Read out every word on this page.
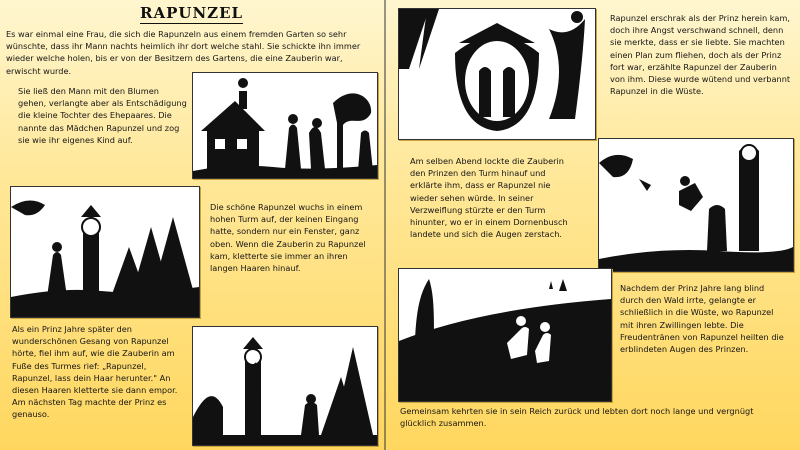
RAPUNZEL
Es war einmal eine Frau, die sich die Rapunzeln aus einem fremden Garten so sehr wünschte, dass ihr Mann nachts heimlich ihr dort welche stahl. Sie schickte ihn immer wieder welche holen, bis er von der Besitzern des Gartens, die eine Zauberin war, erwischt wurde.
Sie ließ den Mann mit den Blumen gehen, verlangte aber als Entschädigung die kleine Tochter des Ehepaares. Die nannte das Mädchen Rapunzel und zog sie wie ihr eigenes Kind auf.
Die schöne Rapunzel wuchs in einem hohen Turm auf, der keinen Eingang hatte, sondern nur ein Fenster, ganz oben. Wenn die Zauberin zu Rapunzel kam, kletterte sie immer an ihren langen Haaren hinauf.
Als ein Prinz Jahre später den wunderschönen Gesang von Rapunzel hörte, fiel ihm auf, wie die Zauberin am Fuße des Turmes rief: „Rapunzel, Rapunzel, lass dein Haar herunter." An diesen Haaren kletterte sie dann empor. Am nächsten Tag machte der Prinz es genauso.
Rapunzel erschrak als der Prinz herein kam, doch ihre Angst verschwand schnell, denn sie merkte, dass er sie liebte. Sie machten einen Plan zum fliehen, doch als der Prinz fort war, erzählte Rapunzel der Zauberin von ihm. Diese wurde wütend und verbannt Rapunzel in die Wüste.
Am selben Abend lockte die Zauberin den Prinzen den Turm hinauf und erklärte ihm, dass er Rapunzel nie wieder sehen würde. In seiner Verzweiflung stürzte er den Turm hinunter, wo er in einem Dornenbusch landete und sich die Augen zerstach.
Nachdem der Prinz Jahre lang blind durch den Wald irrte, gelangte er schließlich in die Wüste, wo Rapunzel mit ihren Zwillingen lebte. Die Freudentränen von Rapunzel heilten die erblindeten Augen des Prinzen.
Gemeinsam kehrten sie in sein Reich zurück und lebten dort noch lange und vergnügt glücklich zusammen.
